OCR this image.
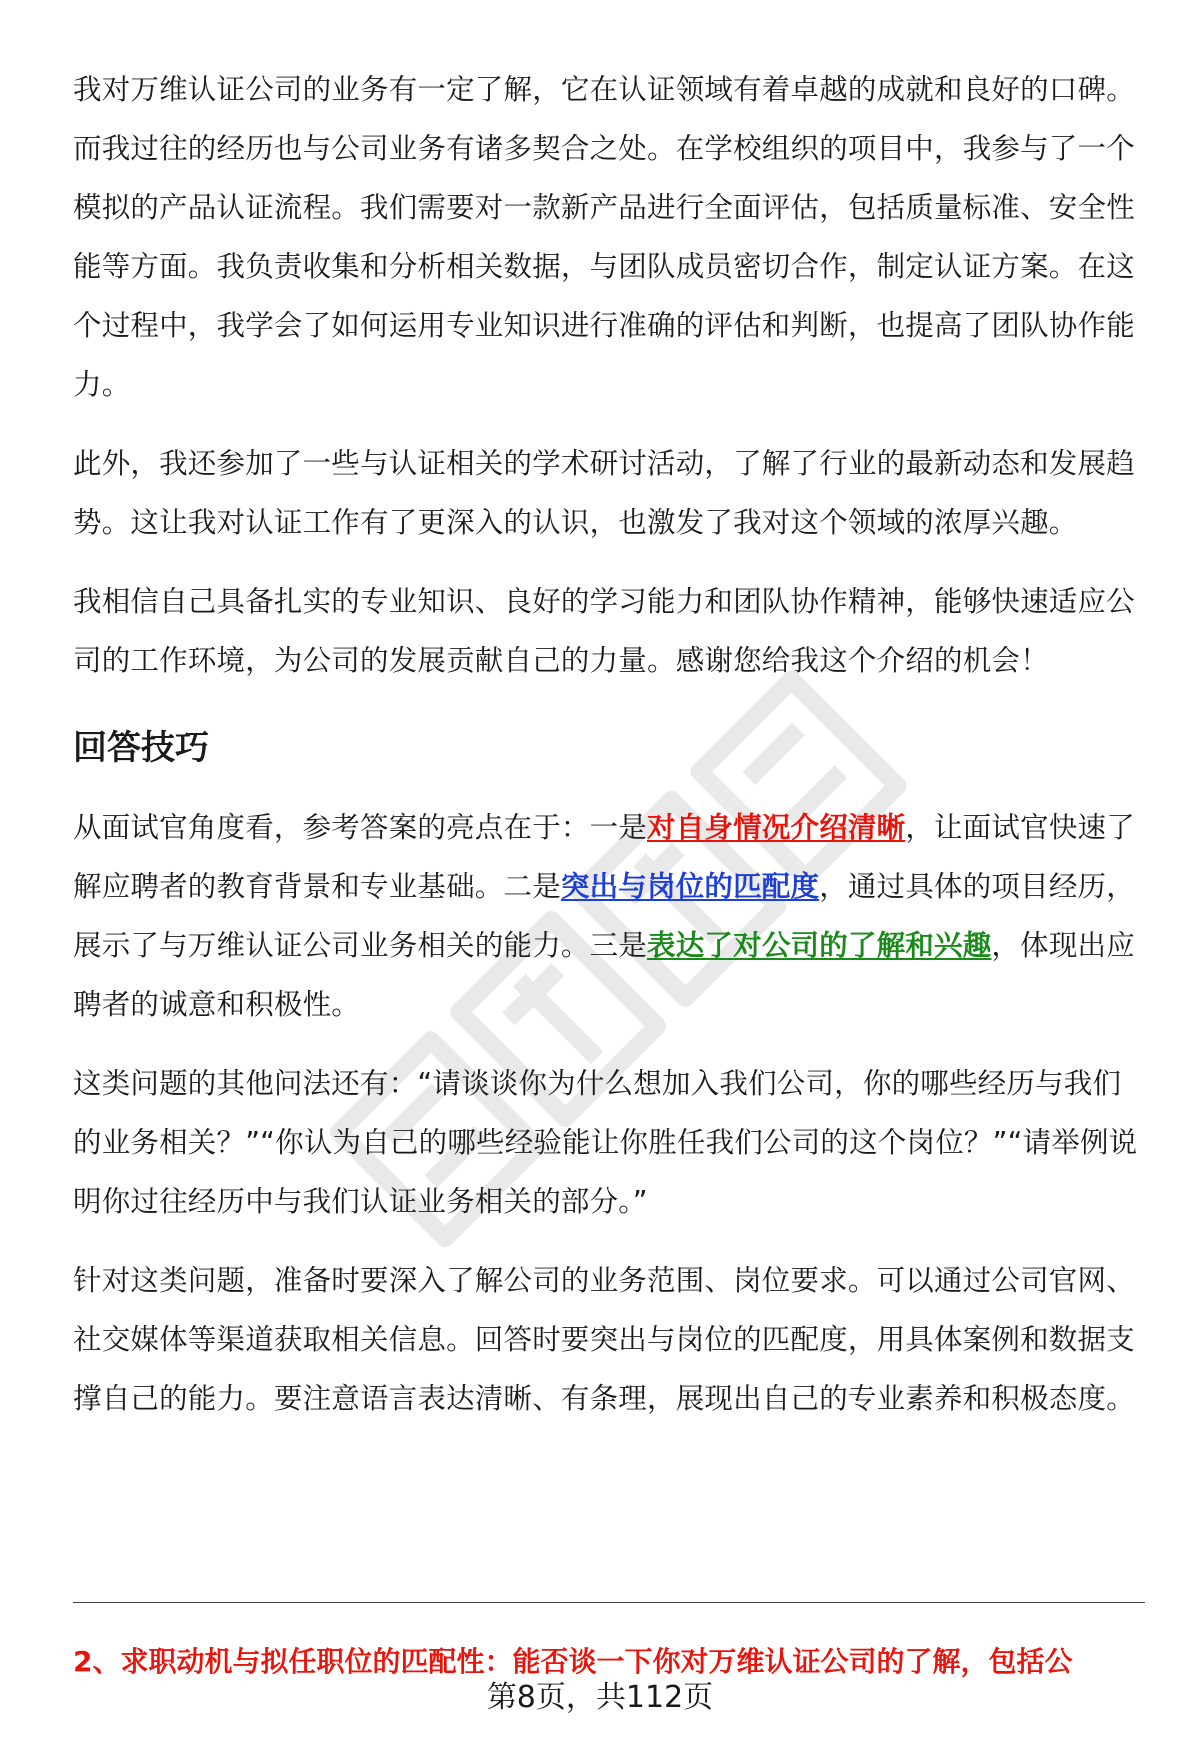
我对万维认证公司的业务有一定了解，它在认证领域有着卓越的成就和良好的口碑。而我过往的经历也与公司业务有诸多契合之处。在学校组织的项目中，我参与了一个模拟的产品认证流程。我们需要对一款新产品进行全面评估，包括质量标准、安全性能等方面。我负责收集和分析相关数据，与团队成员密切合作，制定认证方案。在这个过程中，我学会了如何运用专业知识进行准确的评估和判断，也提高了团队协作能力。

此外，我还参加了一些与认证相关的学术研讨活动，了解了行业的最新动态和发展趋势。这让我对认证工作有了更深入的认识，也激发了我对这个领域的浓厚兴趣。

我相信自己具备扎实的专业知识、良好的学习能力和团队协作精神，能够快速适应公司的工作环境，为公司的发展贡献自己的力量。感谢您给我这个介绍的机会！

回答技巧

从面试官角度看，参考答案的亮点在于：一是对自身情况介绍清晰，让面试官快速了解应聘者的教育背景和专业基础。二是突出与岗位的匹配度，通过具体的项目经历，展示了与万维认证公司业务相关的能力。三是表达了对公司的了解和兴趣，体现出应聘者的诚意和积极性。

这类问题的其他问法还有：“请谈谈你为什么想加入我们公司，你的哪些经历与我们的业务相关？”“你认为自己的哪些经验能让你胜任我们公司的这个岗位？”“请举例说明你过往经历中与我们认证业务相关的部分。”

针对这类问题，准备时要深入了解公司的业务范围、岗位要求。可以通过公司官网、社交媒体等渠道获取相关信息。回答时要突出与岗位的匹配度，用具体案例和数据支撑自己的能力。要注意语言表达清晰、有条理，展现出自己的专业素养和积极态度。

2、求职动机与拟任职位的匹配性：能否谈一下你对万维认证公司的了解，包括公
第8页，共112页
